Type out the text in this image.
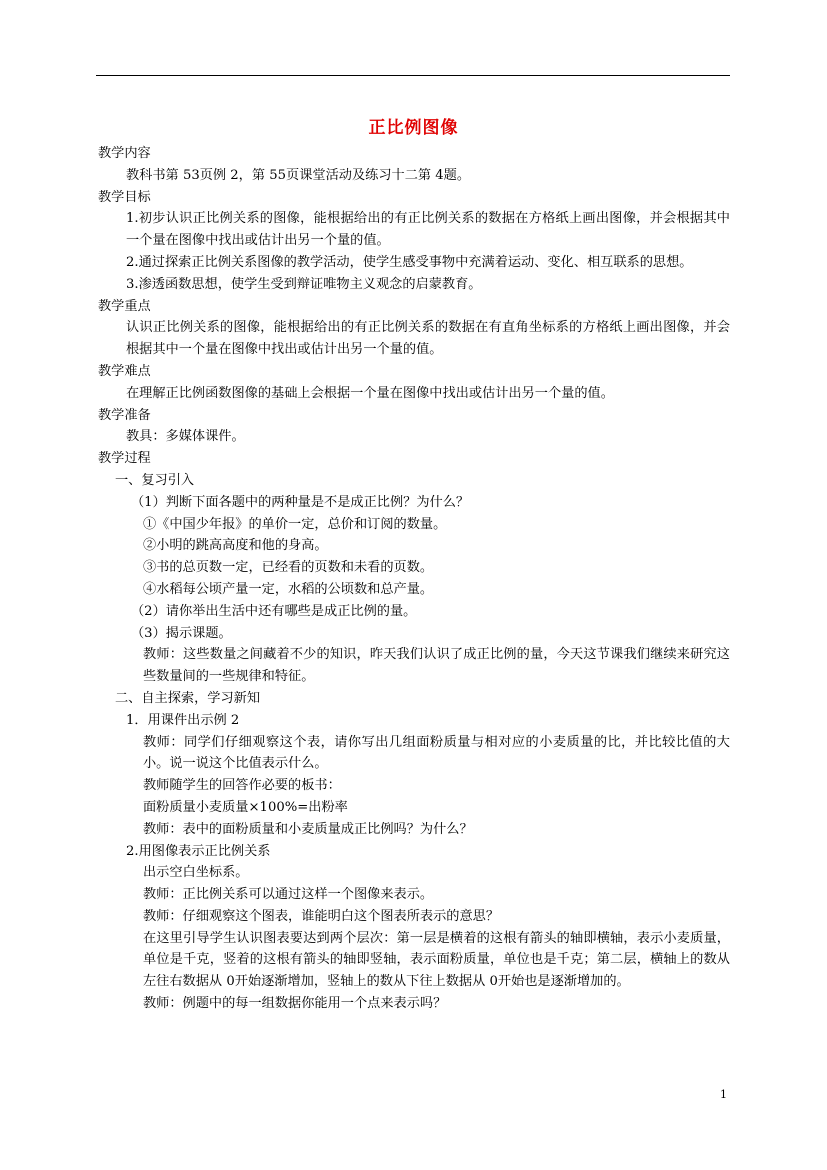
正比例图像
教学内容
教科书第 53页例 2，第 55页课堂活动及练习十二第 4题。
教学目标
1.初步认识正比例关系的图像，能根据给出的有正比例关系的数据在方格纸上画出图像，并会根据其中一个量在图像中找出或估计出另一个量的值。
2.通过探索正比例关系图像的教学活动，使学生感受事物中充满着运动、变化、相互联系的思想。
3.渗透函数思想，使学生受到辩证唯物主义观念的启蒙教育。
教学重点
认识正比例关系的图像，能根据给出的有正比例关系的数据在有直角坐标系的方格纸上画出图像，并会根据其中一个量在图像中找出或估计出另一个量的值。
教学难点
在理解正比例函数图像的基础上会根据一个量在图像中找出或估计出另一个量的值。
教学准备
教具：多媒体课件。
教学过程
一、复习引入
（1）判断下面各题中的两种量是不是成正比例？为什么？
①《中国少年报》的单价一定，总价和订阅的数量。
②小明的跳高高度和他的身高。
③书的总页数一定，已经看的页数和未看的页数。
④水稻每公顷产量一定，水稻的公顷数和总产量。
（2）请你举出生活中还有哪些是成正比例的量。
（3）揭示课题。
教师：这些数量之间藏着不少的知识，昨天我们认识了成正比例的量，今天这节课我们继续来研究这些数量间的一些规律和特征。
二、自主探索，学习新知
1．用课件出示例 2
教师：同学们仔细观察这个表，请你写出几组面粉质量与相对应的小麦质量的比，并比较比值的大小。说一说这个比值表示什么。
教师随学生的回答作必要的板书：
面粉质量小麦质量×100%=出粉率
教师：表中的面粉质量和小麦质量成正比例吗？为什么？
2.用图像表示正比例关系
出示空白坐标系。
教师：正比例关系可以通过这样一个图像来表示。
教师：仔细观察这个图表，谁能明白这个图表所表示的意思？
在这里引导学生认识图表要达到两个层次：第一层是横着的这根有箭头的轴即横轴，表示小麦质量，单位是千克，竖着的这根有箭头的轴即竖轴，表示面粉质量，单位也是千克；第二层，横轴上的数从左往右数据从 0开始逐渐增加，竖轴上的数从下往上数据从 0开始也是逐渐增加的。
教师：例题中的每一组数据你能用一个点来表示吗？
1
